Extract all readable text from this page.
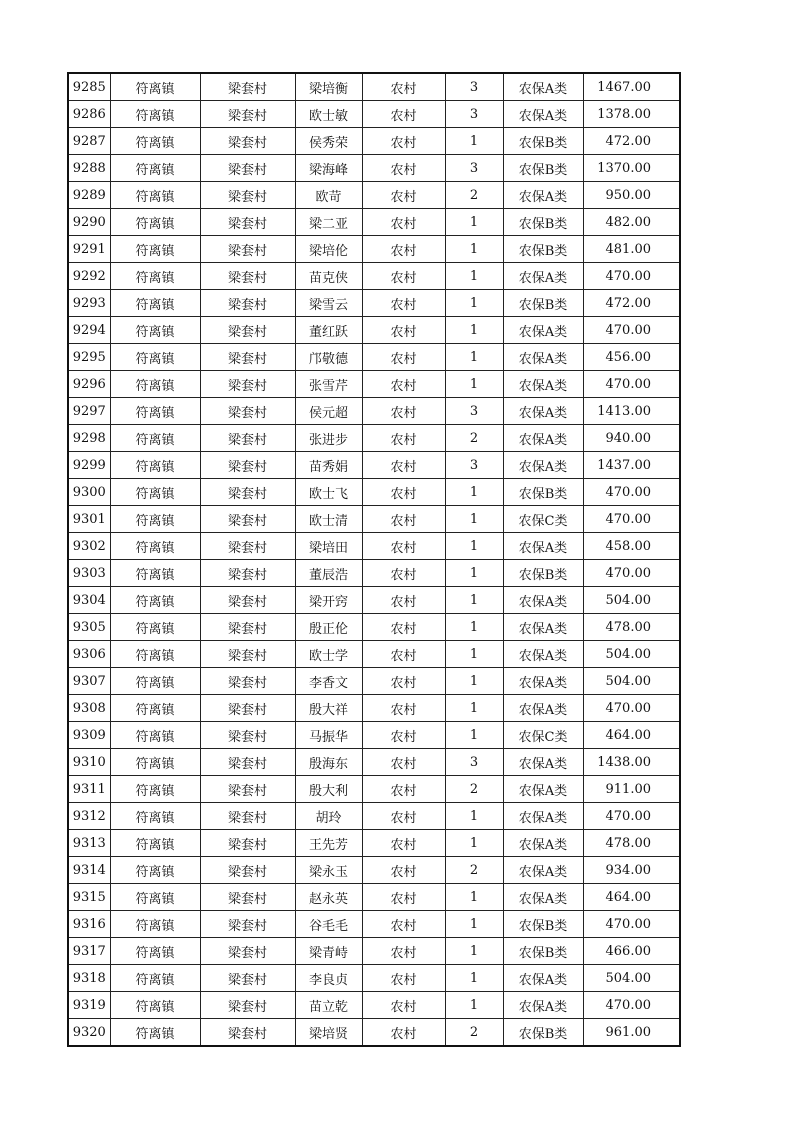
9285	符离镇	梁套村	梁培衡	农村	3	农保A类	1467.00
9286	符离镇	梁套村	欧士敏	农村	3	农保A类	1378.00
9287	符离镇	梁套村	侯秀荣	农村	1	农保B类	472.00
9288	符离镇	梁套村	梁海峰	农村	3	农保B类	1370.00
9289	符离镇	梁套村	欧苛	农村	2	农保A类	950.00
9290	符离镇	梁套村	梁二亚	农村	1	农保B类	482.00
9291	符离镇	梁套村	梁培伦	农村	1	农保B类	481.00
9292	符离镇	梁套村	苗克侠	农村	1	农保A类	470.00
9293	符离镇	梁套村	梁雪云	农村	1	农保B类	472.00
9294	符离镇	梁套村	董红跃	农村	1	农保A类	470.00
9295	符离镇	梁套村	邝敬德	农村	1	农保A类	456.00
9296	符离镇	梁套村	张雪芹	农村	1	农保A类	470.00
9297	符离镇	梁套村	侯元超	农村	3	农保A类	1413.00
9298	符离镇	梁套村	张进步	农村	2	农保A类	940.00
9299	符离镇	梁套村	苗秀娟	农村	3	农保A类	1437.00
9300	符离镇	梁套村	欧士飞	农村	1	农保B类	470.00
9301	符离镇	梁套村	欧士清	农村	1	农保C类	470.00
9302	符离镇	梁套村	梁培田	农村	1	农保A类	458.00
9303	符离镇	梁套村	董辰浩	农村	1	农保B类	470.00
9304	符离镇	梁套村	梁开窍	农村	1	农保A类	504.00
9305	符离镇	梁套村	殷正伦	农村	1	农保A类	478.00
9306	符离镇	梁套村	欧士学	农村	1	农保A类	504.00
9307	符离镇	梁套村	李香文	农村	1	农保A类	504.00
9308	符离镇	梁套村	殷大祥	农村	1	农保A类	470.00
9309	符离镇	梁套村	马振华	农村	1	农保C类	464.00
9310	符离镇	梁套村	殷海东	农村	3	农保A类	1438.00
9311	符离镇	梁套村	殷大利	农村	2	农保A类	911.00
9312	符离镇	梁套村	胡玲	农村	1	农保A类	470.00
9313	符离镇	梁套村	王先芳	农村	1	农保A类	478.00
9314	符离镇	梁套村	梁永玉	农村	2	农保A类	934.00
9315	符离镇	梁套村	赵永英	农村	1	农保A类	464.00
9316	符离镇	梁套村	谷毛毛	农村	1	农保B类	470.00
9317	符离镇	梁套村	梁青峙	农村	1	农保B类	466.00
9318	符离镇	梁套村	李良贞	农村	1	农保A类	504.00
9319	符离镇	梁套村	苗立乾	农村	1	农保A类	470.00
9320	符离镇	梁套村	梁培贤	农村	2	农保B类	961.00
